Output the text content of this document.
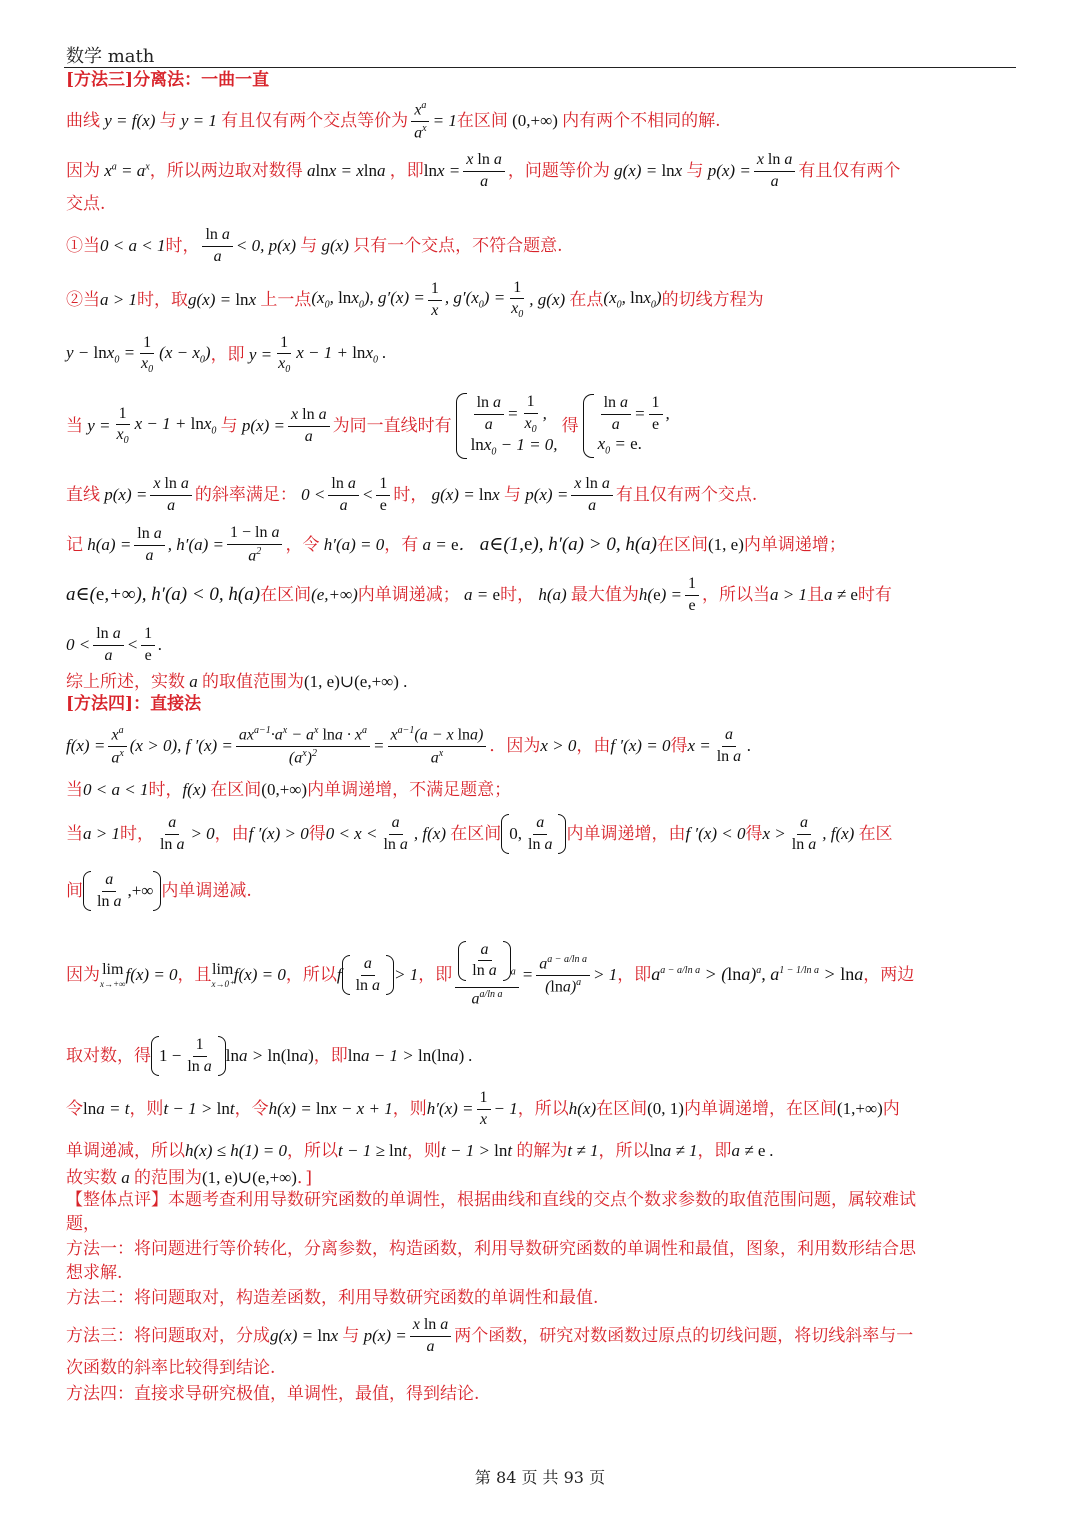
数学 math
[方法三]分离法：一曲一直
曲线 y = f(x) 与 y = 1 有且仅有两个交点等价为 $\frac{x^a}{a^x} = 1$ 在区间 (0,+∞) 内有两个不相同的解.
因为 $x^a = a^x$ ，所以两边取对数得 alnx = xlna ，即 $\ln x = \frac{\text{x ln a}}{a}$ ，问题等价为 g(x) = lnx 与 $p(x) = \frac{\text{x ln a}}{a}$ 有且仅有两个
交点.
①当 0 < a < 1 时， $\frac{\text{ln a}}{a} < 0$, p(x) 与 g(x) 只有一个交点，不符合题意.
②当 a > 1 时，取 g(x) = lnx 上一点 ($x_0$, lnx$_0$), $g'(x) = \frac{1}{x}$ , $g'(x_0) = \frac{1}{x_0}$ , g(x) 在点 ($x_0$, lnx$_0$) 的切线方程为
$y - \ln x_0 = \frac{1}{x_0} (x - x_0)$ ，即 $y = \frac{1}{x_0}$ x − 1 + lnx$_0$ .
当 $y = \frac{1}{x_0}$ x − 1 + lnx$_0$ 与 $p(x) = \frac{\text{x ln a}}{a}$ 为同一直线时有 $\frac{\text{ln a}}{a} = \frac{1}{x_0}$ ,
lnx$_0$ − 1 = 0,
得 $\frac{\text{ln a}}{a} = \frac{1}{e}$ ,
$x_0 = e$.
直线 $p(x) = \frac{\text{x ln a}}{a}$ 的斜率满足： $0 < \frac{\text{ln a}}{a} < \frac{1}{e}$ 时， g(x) = lnx 与 $p(x) = \frac{\text{x ln a}}{a}$ 有且仅有两个交点.
记 $h(a) = \frac{\text{ln a}}{a}$ , $h'(a) = \frac{\text{1 − ln a}}{a^2}$ ，令 h′(a) = 0 ，有 a = e． a∈(1,e), h′(a) > 0, h(a) 在区间 (1, e) 内单调递增；
a∈(e,+∞), h′(a) < 0, h(a) 在区间 (e,+∞) 内单调递减； a = e 时， h(a) 最大值为 $h(e) = \frac{1}{e}$ ，所以当 a > 1 且 a ≠ e 时有
$0 < \frac{\text{ln a}}{a} < \frac{1}{e}$ .
综上所述，实数 a 的取值范围为 (1, e)∪(e,+∞) .
[方法四]：直接法
$f(x) = \frac{x^a}{a^x} (x > 0)$, f $'(x) = \frac{ax^{a-1}\cdot a^x - a^x \ln a \cdot x^a}{(a^x)^2} = \frac{x^{a-1}(a - x \ln a)}{a^x}$ ．因为 x > 0 ，由 f ′(x) = 0 得 $x = \frac{a}{\text{ln a}}$ .
当 0 < a < 1 时， f(x) 在区间 (0,+∞) 内单调递增，不满足题意；
当 a > 1 时， $\frac{a}{\text{ln a}} > 0$ ，由 f ′(x) > 0 得 $0 < x < \frac{a}{\text{ln a}}$ , f(x) 在区间 0, $\frac{a}{\text{ln a}}$ 内单调递增，由 f ′(x) < 0 得 $x > \frac{a}{\text{ln a}}$ , f(x) 在区
间 $\frac{a}{\text{ln a}}$ ,+∞ 内单调递减.
因为 lim
x→+∞
f(x) = 0 ，且 lim
x→0⁺
f(x) = 0 ，所以 f $\frac{a}{\text{ln a}} > 1$ ，即 $\frac{\frac{a}{\text{ln a}} ^a}{a^{a/ln a}} = \frac{a^{a - a/ln a}}{(\ln a)^a} > 1$ ，即 $a^{a - a/ln a} > (\ln a)^a$, $a^{1 - 1/ln a} > \ln a$ ，两边
取对数，得 $1 - \frac{1}{\text{ln a}}$ lna > ln(lna) ，即 lna − 1 > ln(lna) .
令 lna = t ，则 t − 1 > lnt ，令 h(x) = lnx − x + 1 ，则 $h'(x) = \frac{1}{x} - 1$ ，所以 h(x) 在区间 (0, 1) 内单调递增，在区间 (1,+∞) 内
单调递减，所以 h(x) ≤ h(1) = 0 ，所以 t − 1 ≥ lnt ，则 t − 1 > lnt 的解为 t ≠ 1 ，所以 lna ≠ 1 ，即 a ≠ e .
故实数 a 的范围为 (1, e)∪(e,+∞) ．]
【整体点评】本题考查利用导数研究函数的单调性，根据曲线和直线的交点个数求参数的取值范围问题，属较难试
题，
方法一：将问题进行等价转化，分离参数，构造函数，利用导数研究函数的单调性和最值，图象，利用数形结合思
想求解.
方法二：将问题取对，构造差函数，利用导数研究函数的单调性和最值.
方法三：将问题取对，分成 g(x) = lnx 与 $p(x) = \frac{\text{x ln a}}{a}$ 两个函数，研究对数函数过原点的切线问题，将切线斜率与一
次函数的斜率比较得到结论.
方法四：直接求导研究极值，单调性，最值，得到结论.
第 84 页 共 93 页
